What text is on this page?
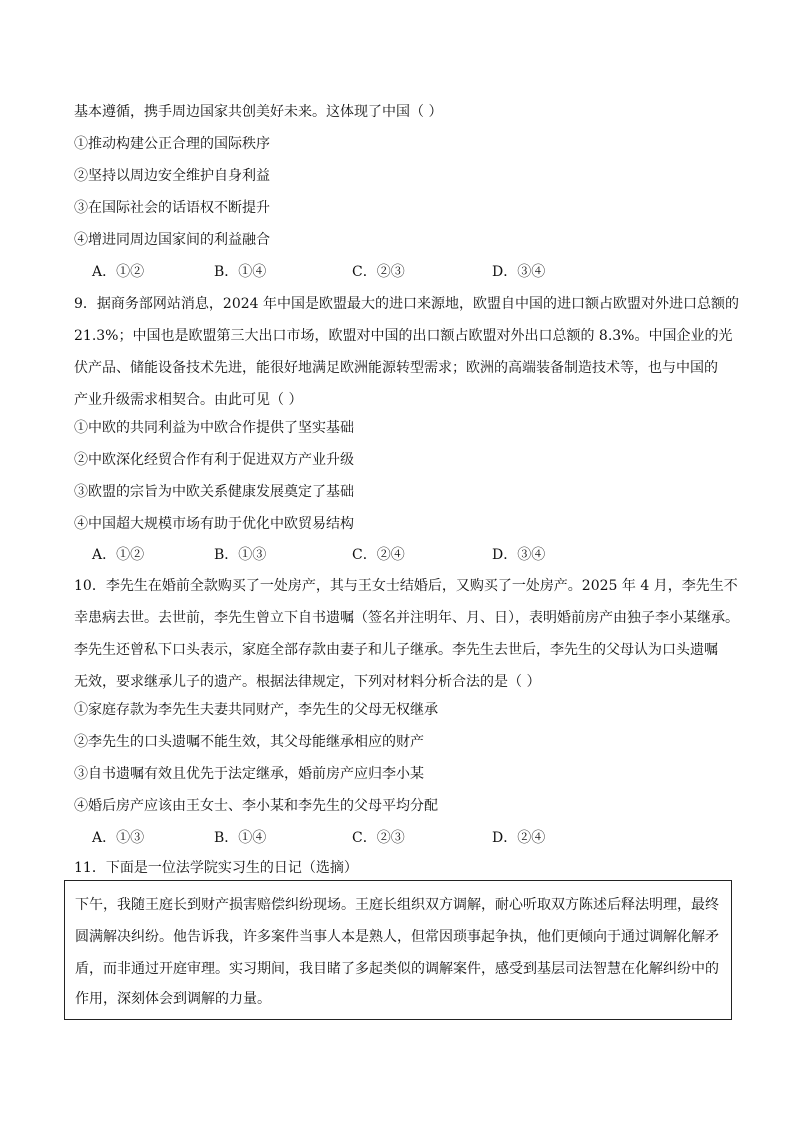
基本遵循，携手周边国家共创美好未来。这体现了中国（ ）
①推动构建公正合理的国际秩序
②坚持以周边安全维护自身利益
③在国际社会的话语权不断提升
④增进同周边国家间的利益融合
A．①②	B．①④	C．②③	D．③④
9．据商务部网站消息，2024 年中国是欧盟最大的进口来源地，欧盟自中国的进口额占欧盟对外进口总额的
21.3%；中国也是欧盟第三大出口市场，欧盟对中国的出口额占欧盟对外出口总额的 8.3%。中国企业的光
伏产品、储能设备技术先进，能很好地满足欧洲能源转型需求；欧洲的高端装备制造技术等，也与中国的
产业升级需求相契合。由此可见（ ）
①中欧的共同利益为中欧合作提供了坚实基础
②中欧深化经贸合作有利于促进双方产业升级
③欧盟的宗旨为中欧关系健康发展奠定了基础
④中国超大规模市场有助于优化中欧贸易结构
A．①②	B．①③	C．②④	D．③④
10．李先生在婚前全款购买了一处房产，其与王女士结婚后，又购买了一处房产。2025 年 4 月，李先生不
幸患病去世。去世前，李先生曾立下自书遗嘱（签名并注明年、月、日），表明婚前房产由独子李小某继承。
李先生还曾私下口头表示，家庭全部存款由妻子和儿子继承。李先生去世后，李先生的父母认为口头遗嘱
无效，要求继承儿子的遗产。根据法律规定，下列对材料分析合法的是（ ）
①家庭存款为李先生夫妻共同财产，李先生的父母无权继承
②李先生的口头遗嘱不能生效，其父母能继承相应的财产
③自书遗嘱有效且优先于法定继承，婚前房产应归李小某
④婚后房产应该由王女士、李小某和李先生的父母平均分配
A．①③	B．①④	C．②③	D．②④
11．下面是一位法学院实习生的日记（选摘）
下午，我随王庭长到财产损害赔偿纠纷现场。王庭长组织双方调解，耐心听取双方陈述后释法明理，最终
圆满解决纠纷。他告诉我，许多案件当事人本是熟人，但常因琐事起争执，他们更倾向于通过调解化解矛
盾，而非通过开庭审理。实习期间，我目睹了多起类似的调解案件，感受到基层司法智慧在化解纠纷中的
作用，深刻体会到调解的力量。
